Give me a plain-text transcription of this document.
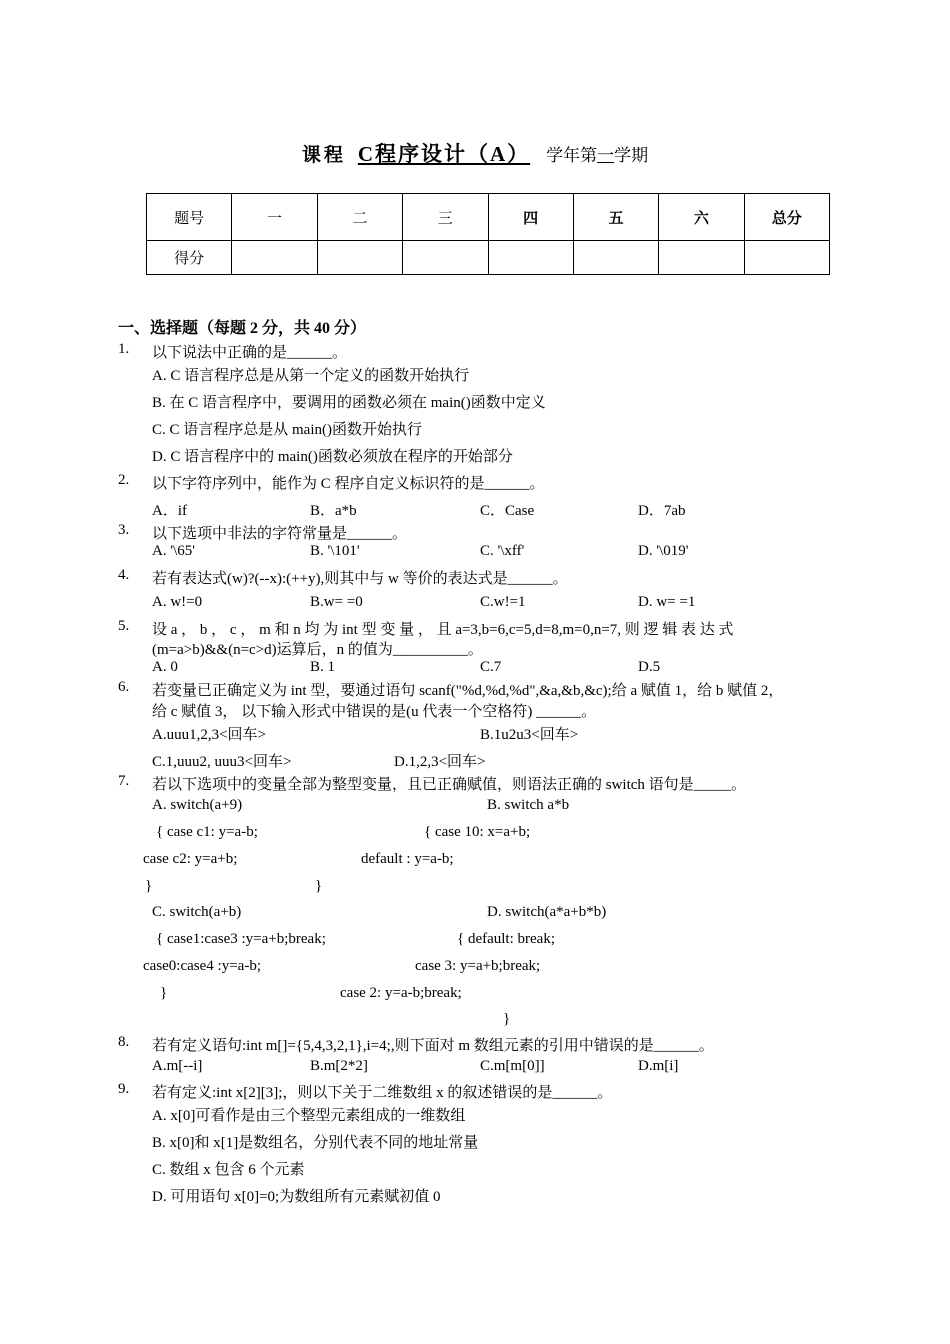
课程 C程序设计（A） 学年第一学期
题号	一	二	三	四	五	六	总分
得分							
一、选择题（每题 2 分，共 40 分）
1. 以下说法中正确的是______。
A. C 语言程序总是从第一个定义的函数开始执行
B. 在 C 语言程序中，要调用的函数必须在 main()函数中定义
C. C 语言程序总是从 main()函数开始执行
D. C 语言程序中的 main()函数必须放在程序的开始部分
2. 以下字符序列中，能作为 C 程序自定义标识符的是______。
A．if	B．a*b	C．Case	D．7ab
3. 以下选项中非法的字符常量是______。
A. '\65'	B. '\101'	C. '\xff'	D. '\019'
4. 若有表达式(w)?(--x):(++y),则其中与 w 等价的表达式是______。
A. w!=0	B.w= =0	C.w!=1	D. w= =1
5. 设 a ， b ， c ， m 和 n 均 为 int 型 变 量 ， 且 a=3,b=6,c=5,d=8,m=0,n=7, 则 逻 辑 表 达 式
(m=a>b)&&(n=c>d)运算后，n 的值为__________。
A. 0	B. 1	C.7	D.5
6. 若变量已正确定义为 int 型，要通过语句 scanf("%d,%d,%d",&a,&b,&c);给 a 赋值 1，给 b 赋值 2，
给 c 赋值 3， 以下输入形式中错误的是(u 代表一个空格符) ______。
A.uuu1,2,3<回车>	B.1u2u3<回车>
C.1,uuu2, uuu3<回车>	D.1,2,3<回车>
7. 若以下选项中的变量全部为整型变量，且已正确赋值，则语法正确的 switch 语句是_____。
A. switch(a+9)	B. switch a*b
{ case c1: y=a-b;	{ case 10: x=a+b;
case c2: y=a+b;	default : y=a-b;
}	}
C. switch(a+b)	D. switch(a*a+b*b)
{ case1:case3 :y=a+b;break;	{ default: break;
case0:case4 :y=a-b;	case 3: y=a+b;break;
}	case 2: y=a-b;break;
}
8. 若有定义语句:int m[]={5,4,3,2,1},i=4;,则下面对 m 数组元素的引用中错误的是______。
A.m[--i]	B.m[2*2]	C.m[m[0]]	D.m[i]
9. 若有定义:int x[2][3];，则以下关于二维数组 x 的叙述错误的是______。
A. x[0]可看作是由三个整型元素组成的一维数组
B. x[0]和 x[1]是数组名，分别代表不同的地址常量
C. 数组 x 包含 6 个元素
D. 可用语句 x[0]=0;为数组所有元素赋初值 0
